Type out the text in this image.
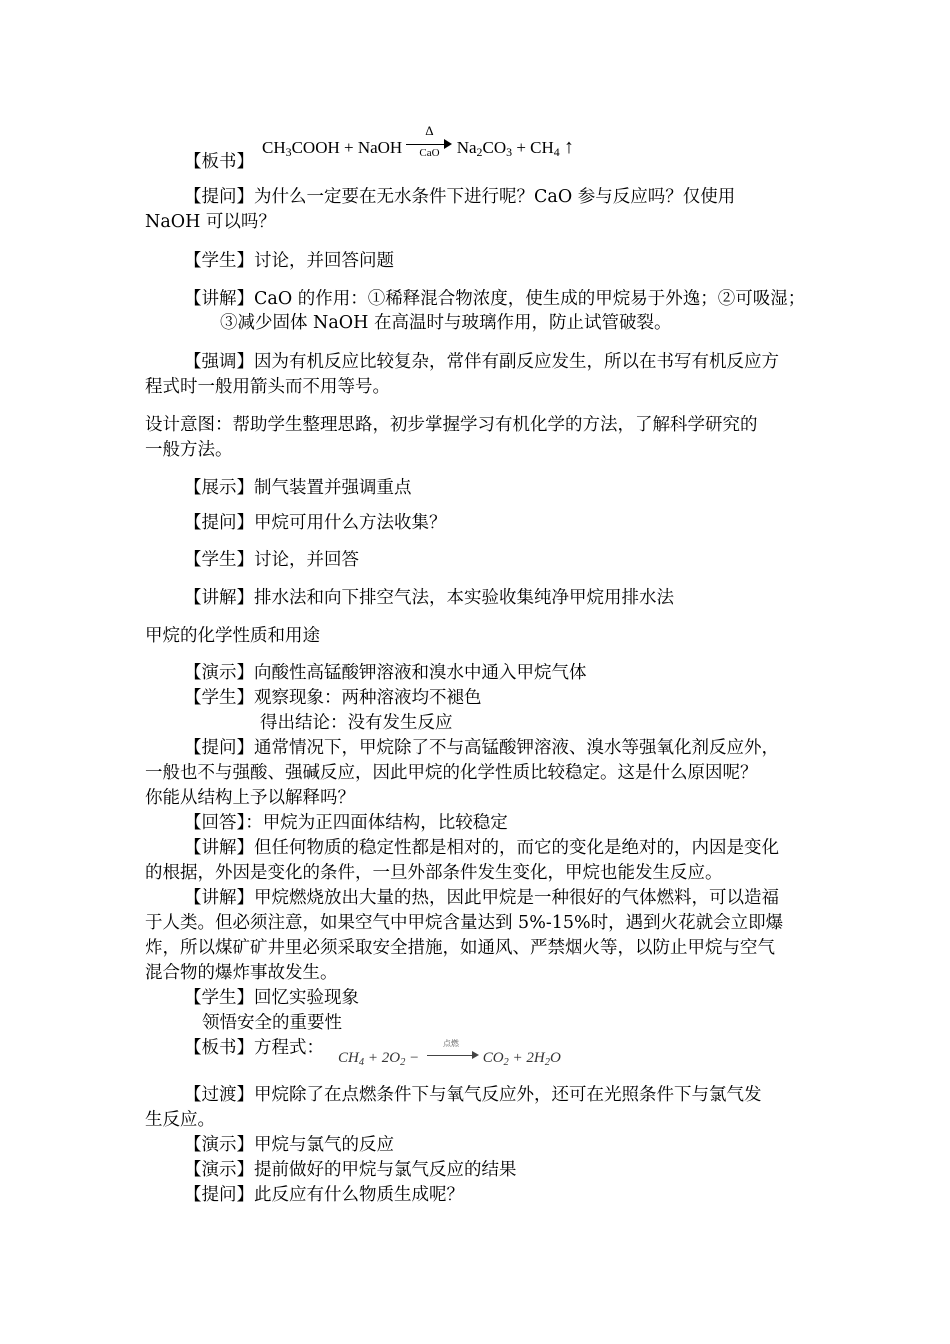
【板书】
$CH_3COOH$ + NaOH
Δ
CaO	$Na_2CO_3 + CH_4$ ↑
【提问】为什么一定要在无水条件下进行呢？CaO 参与反应吗？仅使用
NaOH 可以吗？
【学生】讨论，并回答问题
【讲解】CaO 的作用：①稀释混合物浓度，使生成的甲烷易于外逸；②可吸湿；
③减少固体 NaOH 在高温时与玻璃作用，防止试管破裂。
【强调】因为有机反应比较复杂，常伴有副反应发生，所以在书写有机反应方
程式时一般用箭头而不用等号。
设计意图：帮助学生整理思路，初步掌握学习有机化学的方法，了解科学研究的
一般方法。
【展示】制气装置并强调重点
【提问】甲烷可用什么方法收集？
【学生】讨论，并回答
【讲解】排水法和向下排空气法，本实验收集纯净甲烷用排水法
甲烷的化学性质和用途
【演示】向酸性高锰酸钾溶液和溴水中通入甲烷气体
【学生】观察现象：两种溶液均不褪色
得出结论：没有发生反应
【提问】通常情况下，甲烷除了不与高锰酸钾溶液、溴水等强氧化剂反应外，
一般也不与强酸、强碱反应，因此甲烷的化学性质比较稳定。这是什么原因呢？
你能从结构上予以解释吗？
【回答】：甲烷为正四面体结构，比较稳定
【讲解】但任何物质的稳定性都是相对的，而它的变化是绝对的，内因是变化
的根据，外因是变化的条件，一旦外部条件发生变化，甲烷也能发生反应。
【讲解】甲烷燃烧放出大量的热，因此甲烷是一种很好的气体燃料，可以造福
于人类。但必须注意，如果空气中甲烷含量达到 5%-15%时，遇到火花就会立即爆
炸，所以煤矿矿井里必须采取安全措施，如通风、严禁烟火等，以防止甲烷与空气
混合物的爆炸事故发生。
【学生】回忆实验现象
领悟安全的重要性
【板书】方程式： $CH_4 + 2O_2$ −
点燃
$CO_2 + 2H_2O$
【过渡】甲烷除了在点燃条件下与氧气反应外，还可在光照条件下与氯气发
生反应。
【演示】甲烷与氯气的反应
【演示】提前做好的甲烷与氯气反应的结果
【提问】此反应有什么物质生成呢？
